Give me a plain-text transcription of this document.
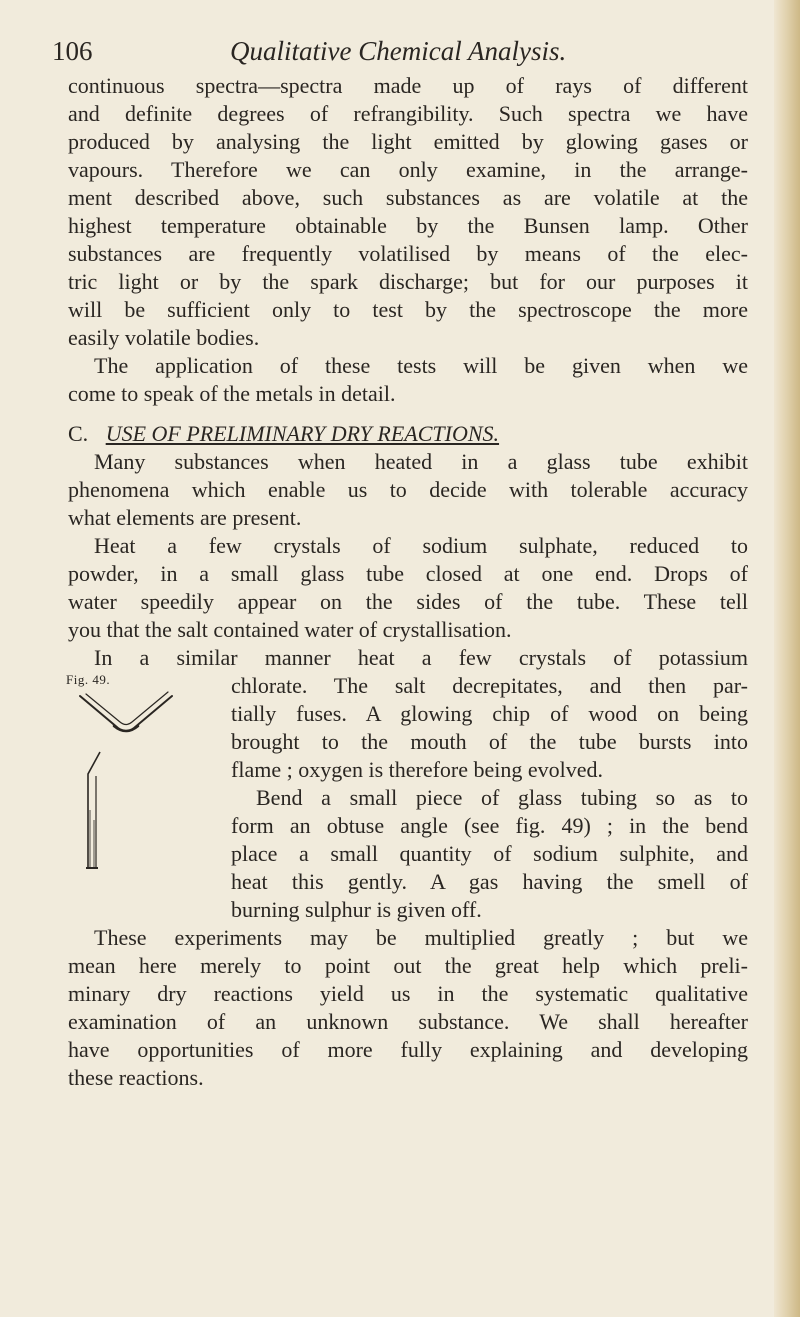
106	Qualitative Chemical Analysis.
continuous spectra—spectra made up of rays of different
and definite degrees of refrangibility. Such spectra we have
produced by analysing the light emitted by glowing gases or
vapours. Therefore we can only examine, in the arrange-
ment described above, such substances as are volatile at the
highest temperature obtainable by the Bunsen lamp. Other
substances are frequently volatilised by means of the elec-
tric light or by the spark discharge; but for our purposes it
will be sufficient only to test by the spectroscope the more
easily volatile bodies.
The application of these tests will be given when we
come to speak of the metals in detail.
C. USE OF PRELIMINARY DRY REACTIONS.
Many substances when heated in a glass tube exhibit
phenomena which enable us to decide with tolerable accuracy
what elements are present.
Heat a few crystals of sodium sulphate, reduced to
powder, in a small glass tube closed at one end. Drops of
water speedily appear on the sides of the tube. These tell
you that the salt contained water of crystallisation.
In a similar manner heat a few crystals of potassium
chlorate. The salt decrepitates, and then par-
tially fuses. A glowing chip of wood on being
brought to the mouth of the tube bursts into
flame ; oxygen is therefore being evolved.
Bend a small piece of glass tubing so as to
form an obtuse angle (see fig. 49) ; in the bend
place a small quantity of sodium sulphite, and
heat this gently. A gas having the smell of
burning sulphur is given off.
These experiments may be multiplied greatly ; but we
mean here merely to point out the great help which preli-
minary dry reactions yield us in the systematic qualitative
examination of an unknown substance. We shall hereafter
have opportunities of more fully explaining and developing
these reactions.
Fig. 49.
